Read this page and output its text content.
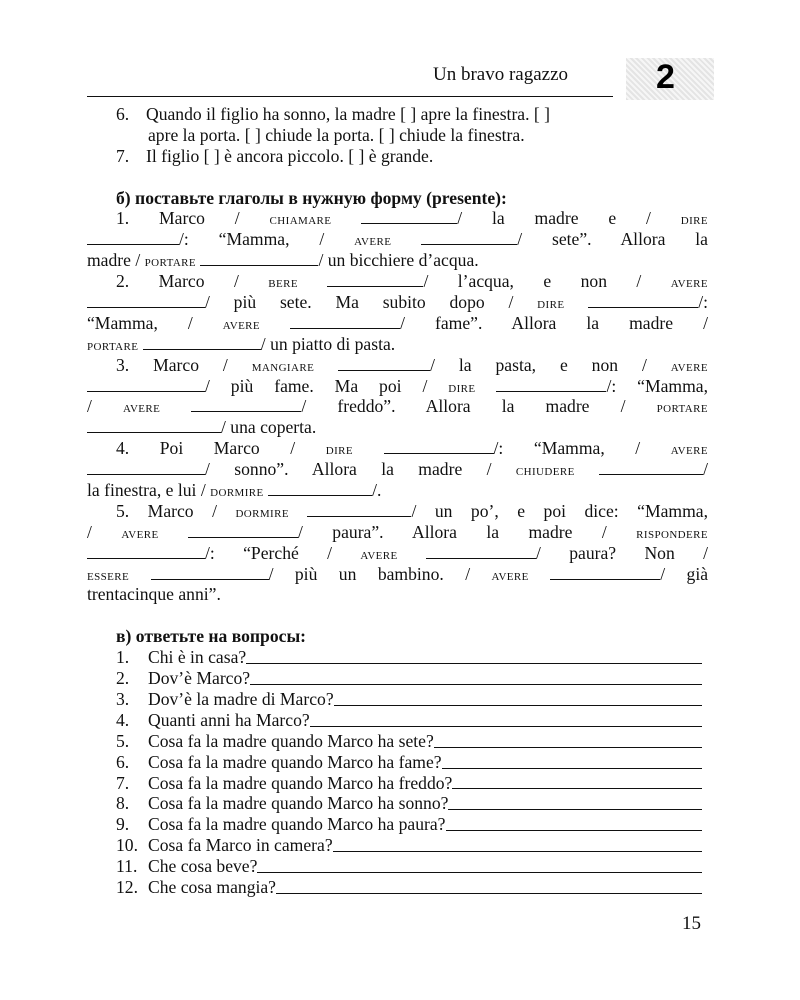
Un bravo ragazzo	2
6. Quando il figlio ha sonno, la madre [ ] apre la finestra. [ ]
apre la porta. [ ] chiude la porta. [ ] chiude la finestra.
7. Il figlio [ ] è ancora piccolo. [ ] è grande.
б) поставьте глаголы в нужную форму (presente):
1. Marco / chiamare	/ la madre e / dire
/: “Mamma, / avere	/ sete”. Allora la
madre / portare	/ un bicchiere d’acqua.
2. Marco / bere	/ l’acqua, e non / avere
/ più sete. Ma subito dopo / dire	/:
“Mamma, / avere	/ fame”. Allora la madre /
portare	/ un piatto di pasta.
3. Marco / mangiare	/ la pasta, e non / avere
/ più fame. Ma poi / dire	/: “Mamma,
/ avere	/ freddo”. Allora la madre / portare
/ una coperta.
4. Poi Marco / dire	/: “Mamma, / avere
/ sonno”. Allora la madre / chiudere	/
la finestra, e lui / dormire	/.
5. Marco / dormire	/ un po’, e poi dice: “Mamma,
/ avere	/ paura”. Allora la madre / rispondere
/: “Perché / avere	/ paura? Non /
essere	/ più un bambino. / avere	/ già
trentacinque anni”.
в) ответьте на вопросы:
1. Chi è in casa?
2. Dov’è Marco?
3. Dov’è la madre di Marco?
4. Quanti anni ha Marco?
5. Cosa fa la madre quando Marco ha sete?
6. Cosa fa la madre quando Marco ha fame?
7. Cosa fa la madre quando Marco ha freddo?
8. Cosa fa la madre quando Marco ha sonno?
9. Cosa fa la madre quando Marco ha paura?
10. Cosa fa Marco in camera?
11. Che cosa beve?
12. Che cosa mangia?
15
